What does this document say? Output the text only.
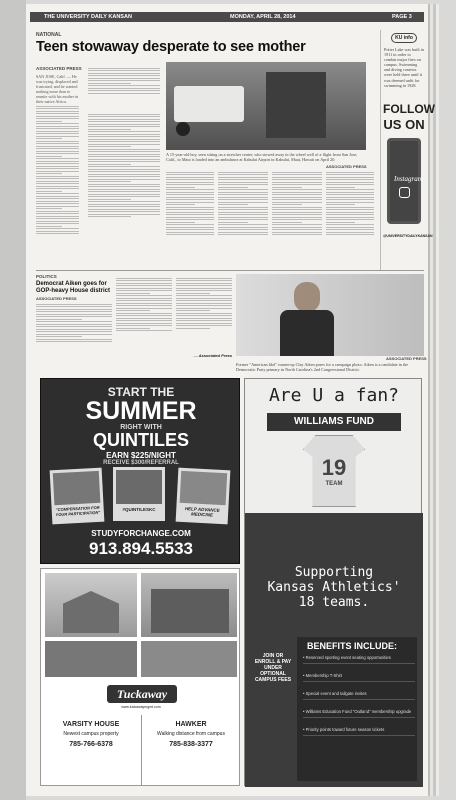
THE UNIVERSITY DAILY KANSAN	MONDAY, APRIL 28, 2014	PAGE 3
NATIONAL
Teen stowaway desperate to see mother
ASSOCIATED PRESS
SAN JOSE, Calif. — He was trying, displaced and frustrated, and he wanted nothing more than to reunite with his mother in their native Africa.
A 15-year-old boy, seen sitting on a stretcher center, who stowed away in the wheel well of a flight from San Jose, Calif., to Maui is loaded into an ambulance at Kahului Airport in Kahului, Maui, Hawaii on April 20.
ASSOCIATED PRESS
KU info
Potter Lake was built in 1911 in order to combat major fires on campus. Swimming and diving contests were held there until it was deemed unfit for swimming in 1928.
FOLLOW
US ON
Instagram
@UNIVERSITYDAILYKANSAN
POLITICS
Democrat Aiken goes for GOP-heavy House district
ASSOCIATED PRESS
— Associated Press
ASSOCIATED PRESS
Former "American Idol" runner-up Clay Aiken poses for a campaign photo. Aiken is a candidate in the Democratic Party primary in North Carolina's 2nd Congressional District.
START THE
SUMMER
RIGHT WITH
QUINTILES
EARN $225/NIGHT
RECEIVE $300/REFERRAL
"COMPENSATION FOR YOUR PARTICIPATION"
#QUINTILESKC	HELP ADVANCE MEDICINE
STUDYFORCHANGE.COM
913.894.5533
Tuckaway
www.tuckawaymgmt.com
VARSITY HOUSE
Newest campus property
785-766-6378
HAWKER
Walking distance from campus
785-838-3377
Are U a fan?
WILLIAMS FUND
19
TEAM
Supporting
Kansas Athletics'
18 teams.
JOIN OR ENROLL & PAY UNDER OPTIONAL CAMPUS FEES
BENEFITS INCLUDE:
• Reserved sporting event seating opportunities
• Membership T-Shirt
• Special event and tailgate invites
• Williams Education Fund "Outland" membership upgrade
• Priority points toward future season tickets
